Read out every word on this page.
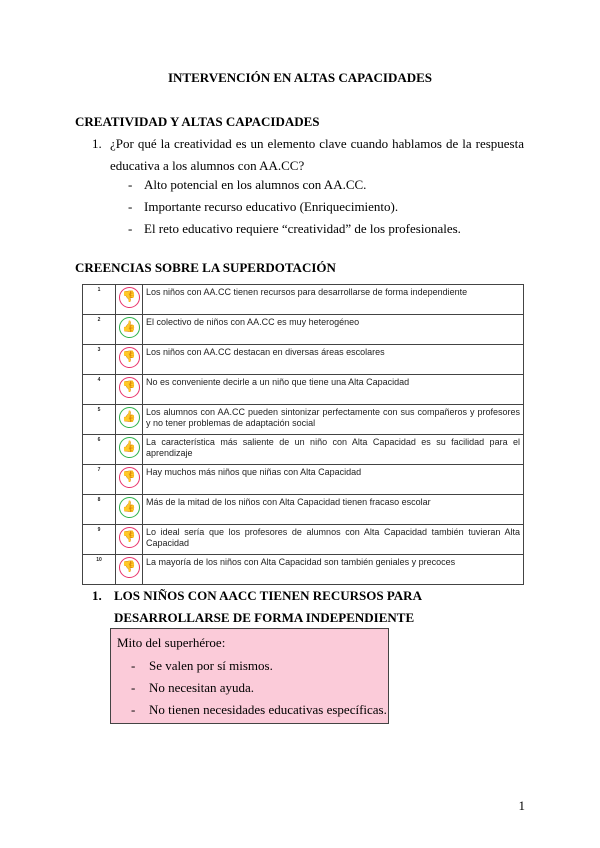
INTERVENCIÓN EN ALTAS CAPACIDADES
CREATIVIDAD Y ALTAS CAPACIDADES
1. ¿Por qué la creatividad es un elemento clave cuando hablamos de la respuesta educativa a los alumnos con AA.CC?
- Alto potencial en los alumnos con AA.CC.
- Importante recurso educativo (Enriquecimiento).
- El reto educativo requiere “creatividad” de los profesionales.
CREENCIAS SOBRE LA SUPERDOTACIÓN
1	👎	Los niños con AA.CC tienen recursos para desarrollarse de forma independiente
2	👍	El colectivo de niños con AA.CC es muy heterogéneo
3	👎	Los niños con AA.CC destacan en diversas áreas escolares
4	👎	No es conveniente decirle a un niño que tiene una Alta Capacidad
5	👍	Los alumnos con AA.CC pueden sintonizar perfectamente con sus compañeros y profesores y no tener problemas de adaptación social
6	👍	La característica más saliente de un niño con Alta Capacidad es su facilidad para el aprendizaje
7	👎	Hay muchos más niños que niñas con Alta Capacidad
8	👍	Más de la mitad de los niños con Alta Capacidad tienen fracaso escolar
9	👎	Lo ideal sería que los profesores de alumnos con Alta Capacidad también tuvieran Alta Capacidad
10	👎	La mayoría de los niños con Alta Capacidad son también geniales y precoces
1. LOS NIÑOS CON AACC TIENEN RECURSOS PARA DESARROLLARSE DE FORMA INDEPENDIENTE
Mito del superhéroe:
- Se valen por sí mismos.
- No necesitan ayuda.
- No tienen necesidades educativas específicas.
1
